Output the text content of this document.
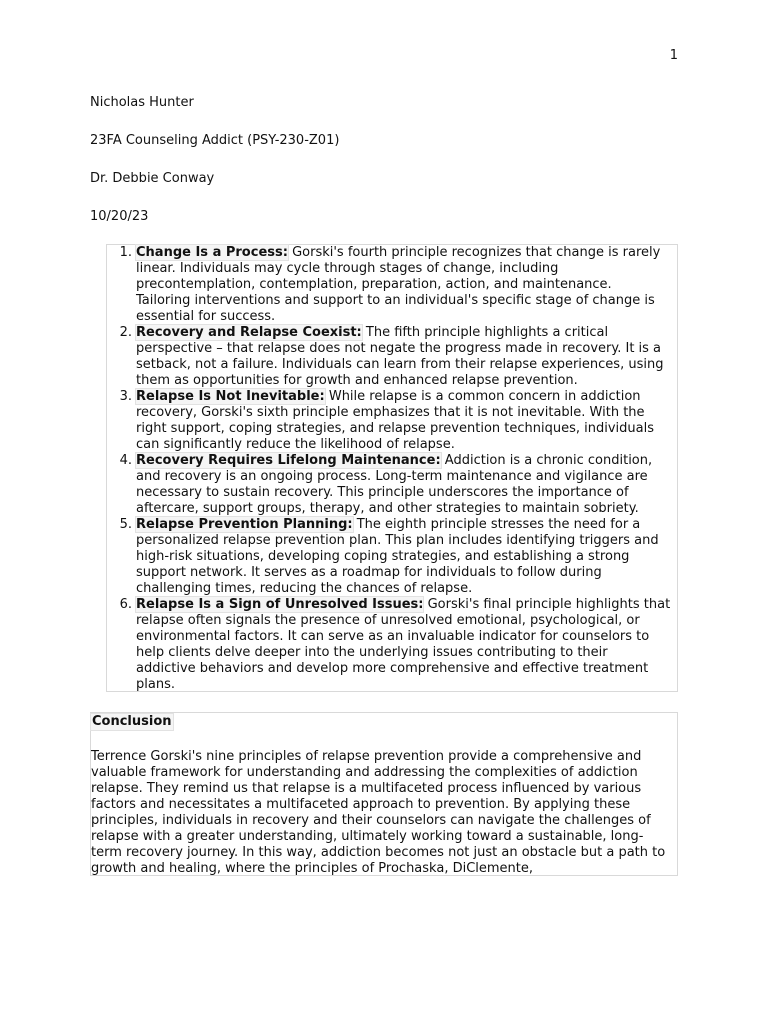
1
Nicholas Hunter
23FA Counseling Addict (PSY-230-Z01)
Dr. Debbie Conway
10/20/23
1. Change Is a Process: Gorski's fourth principle recognizes that change is rarely
linear. Individuals may cycle through stages of change, including
precontemplation, contemplation, preparation, action, and maintenance.
Tailoring interventions and support to an individual's specific stage of change is
essential for success.
2. Recovery and Relapse Coexist: The fifth principle highlights a critical
perspective – that relapse does not negate the progress made in recovery. It is a
setback, not a failure. Individuals can learn from their relapse experiences, using
them as opportunities for growth and enhanced relapse prevention.
3. Relapse Is Not Inevitable: While relapse is a common concern in addiction
recovery, Gorski's sixth principle emphasizes that it is not inevitable. With the
right support, coping strategies, and relapse prevention techniques, individuals
can significantly reduce the likelihood of relapse.
4. Recovery Requires Lifelong Maintenance: Addiction is a chronic condition,
and recovery is an ongoing process. Long-term maintenance and vigilance are
necessary to sustain recovery. This principle underscores the importance of
aftercare, support groups, therapy, and other strategies to maintain sobriety.
5. Relapse Prevention Planning: The eighth principle stresses the need for a
personalized relapse prevention plan. This plan includes identifying triggers and
high-risk situations, developing coping strategies, and establishing a strong
support network. It serves as a roadmap for individuals to follow during
challenging times, reducing the chances of relapse.
6. Relapse Is a Sign of Unresolved Issues: Gorski's final principle highlights that
relapse often signals the presence of unresolved emotional, psychological, or
environmental factors. It can serve as an invaluable indicator for counselors to
help clients delve deeper into the underlying issues contributing to their
addictive behaviors and develop more comprehensive and effective treatment
plans.
Conclusion
Terrence Gorski's nine principles of relapse prevention provide a comprehensive and
valuable framework for understanding and addressing the complexities of addiction
relapse. They remind us that relapse is a multifaceted process influenced by various
factors and necessitates a multifaceted approach to prevention. By applying these
principles, individuals in recovery and their counselors can navigate the challenges of
relapse with a greater understanding, ultimately working toward a sustainable, long-
term recovery journey. In this way, addiction becomes not just an obstacle but a path to
growth and healing, where the principles of Prochaska, DiClemente,
